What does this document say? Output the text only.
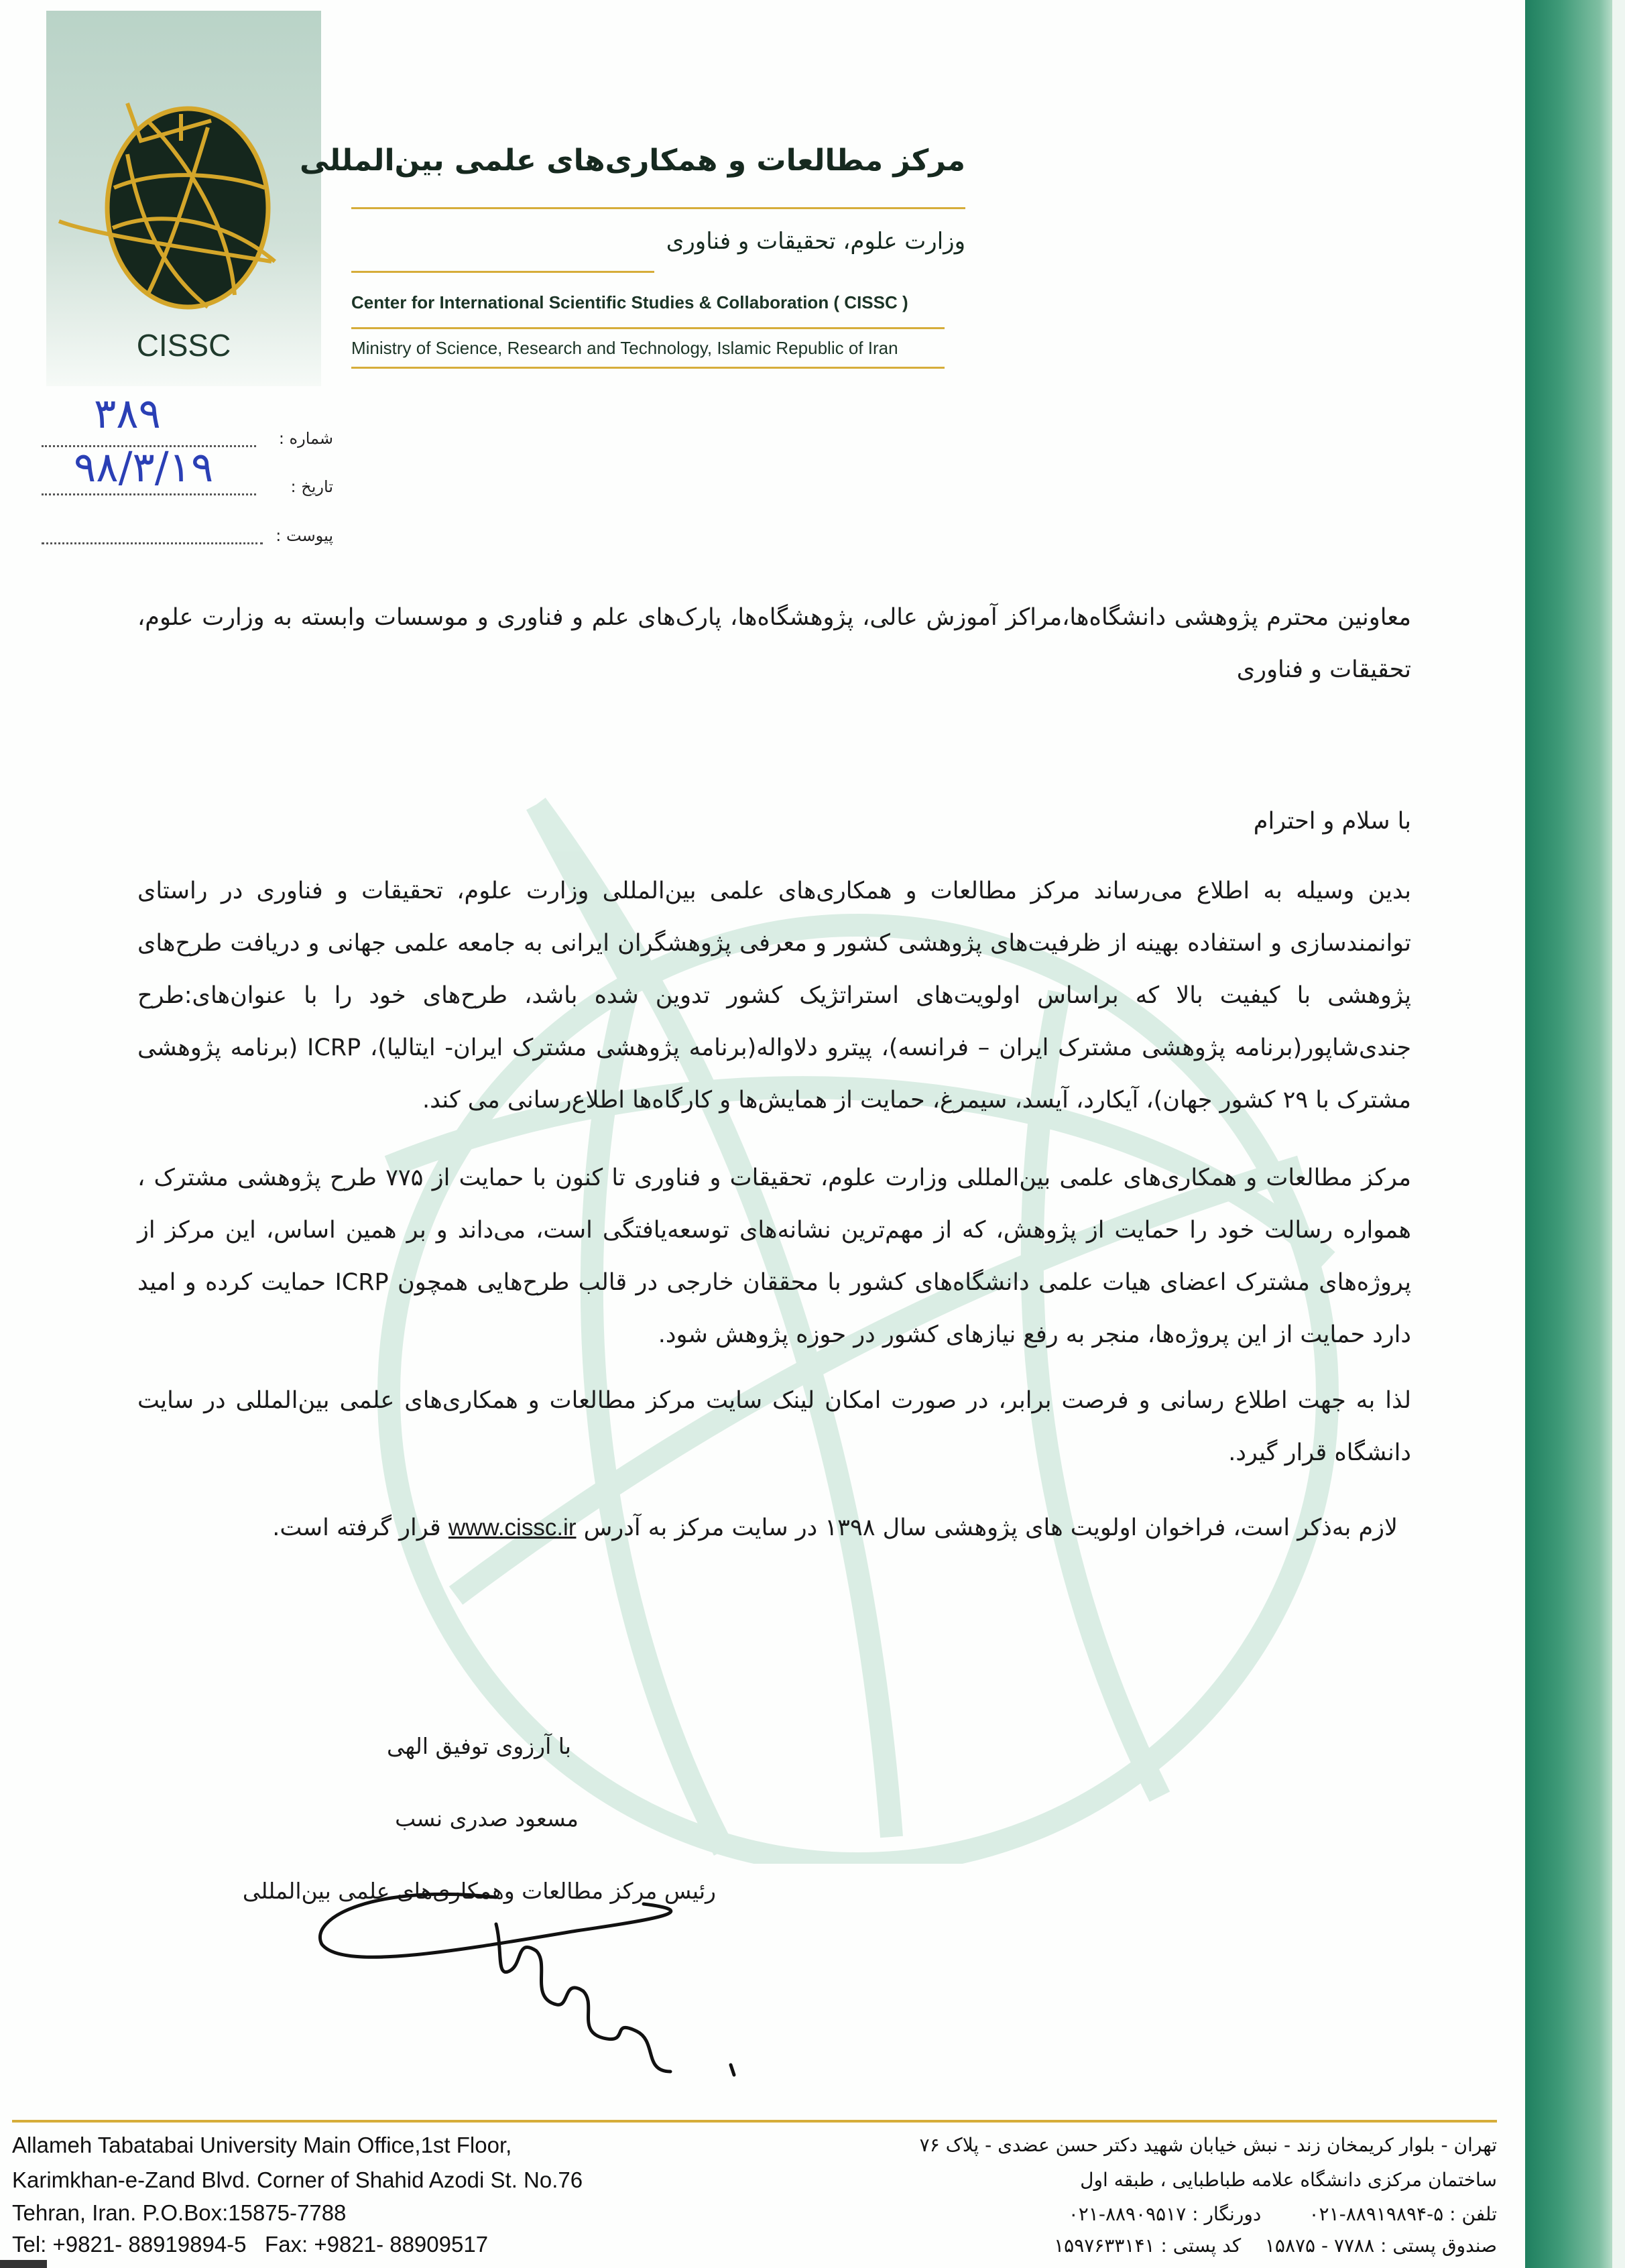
CISSC
مرکز مطالعات و همکاری‌های علمی بین‌المللی
وزارت علوم، تحقیقات و فناوری
Center for International Scientific Studies & Collaboration ( CISSC )
Ministry of Science, Research and Technology, Islamic Republic of Iran
شماره :
۳۸۹
تاریخ :
۹۸/۳/۱۹
پیوست :
معاونین محترم پژوهشی دانشگاه‌ها،مراکز آموزش عالی، پژوهشگاه‌ها، پارک‌های علم و فناوری و موسسات وابسته به وزارت علوم، تحقیقات و فناوری
با سلام و احترام

بدین وسیله به اطلاع می‌رساند مرکز مطالعات و همکاری‌های علمی بین‌المللی وزارت علوم، تحقیقات و فناوری در راستای توانمندسازی و استفاده بهینه از ظرفیت‌های پژوهشی کشور و معرفی پژوهشگران ایرانی به جامعه علمی جهانی و دریافت طرح‌های پژوهشی با کیفیت بالا که براساس اولویت‌های استراتژیک کشور تدوین شده باشد، طرح‌های خود را با عنوان‌های:طرح جندی‌شاپور(برنامه پژوهشی مشترک ایران – فرانسه)، پیترو دلاواله(برنامه پژوهشی مشترک ایران- ایتالیا)، ICRP (برنامه پژوهشی مشترک با ۲۹ کشور جهان)، آیکارد، آیسد، سیمرغ، حمایت از همایش‌ها و کارگاه‌ها اطلاع‌رسانی می کند.

مرکز مطالعات و همکاری‌های علمی بین‌المللی وزارت علوم، تحقیقات و فناوری تا کنون با حمایت از ۷۷۵ طرح پژوهشی مشترک ، همواره رسالت خود را حمایت از پژوهش، که از مهم‌ترین نشانه‌های توسعه‌یافتگی است، می‌داند و بر همین اساس، این مرکز از پروژه‌های مشترک اعضای هیات علمی دانشگاه‌های کشور با محققان خارجی در قالب طرح‌هایی همچون ICRP حمایت کرده و امید دارد حمایت از این پروژه‌ها، منجر به رفع نیازهای کشور در حوزه پژوهش شود.

لذا به جهت اطلاع رسانی و فرصت برابر، در صورت امکان لینک سایت مرکز مطالعات و همکاری‌های علمی بین‌المللی در سایت دانشگاه قرار گیرد.

لازم به‌ذکر است، فراخوان اولویت های پژوهشی سال ۱۳۹۸ در سایت مرکز به آدرس www.cissc.ir قرار گرفته است.
با آرزوی توفیق الهی
مسعود صدری نسب
رئیس مرکز مطالعات وهمکاری‌های علمی بین‌المللی
Allameh Tabatabai University Main Office,1st Floor,
Karimkhan-e-Zand Blvd. Corner of Shahid Azodi St. No.76
Tehran, Iran. P.O.Box:15875-7788
Tel: +9821- 88919894-5   Fax: +9821- 88909517
تهران - بلوار کریمخان زند - نبش خیابان شهید دکتر حسن عضدی - پلاک ۷۶
ساختمان مرکزی دانشگاه علامه طباطبایی ، طبقه اول
تلفن : ۵-۸۸۹۱۹۸۹۴-۰۲۱        دورنگار : ۸۸۹۰۹۵۱۷-۰۲۱
صندوق پستی : ۷۷۸۸ - ۱۵۸۷۵    کد پستی : ۱۵۹۷۶۳۳۱۴۱
